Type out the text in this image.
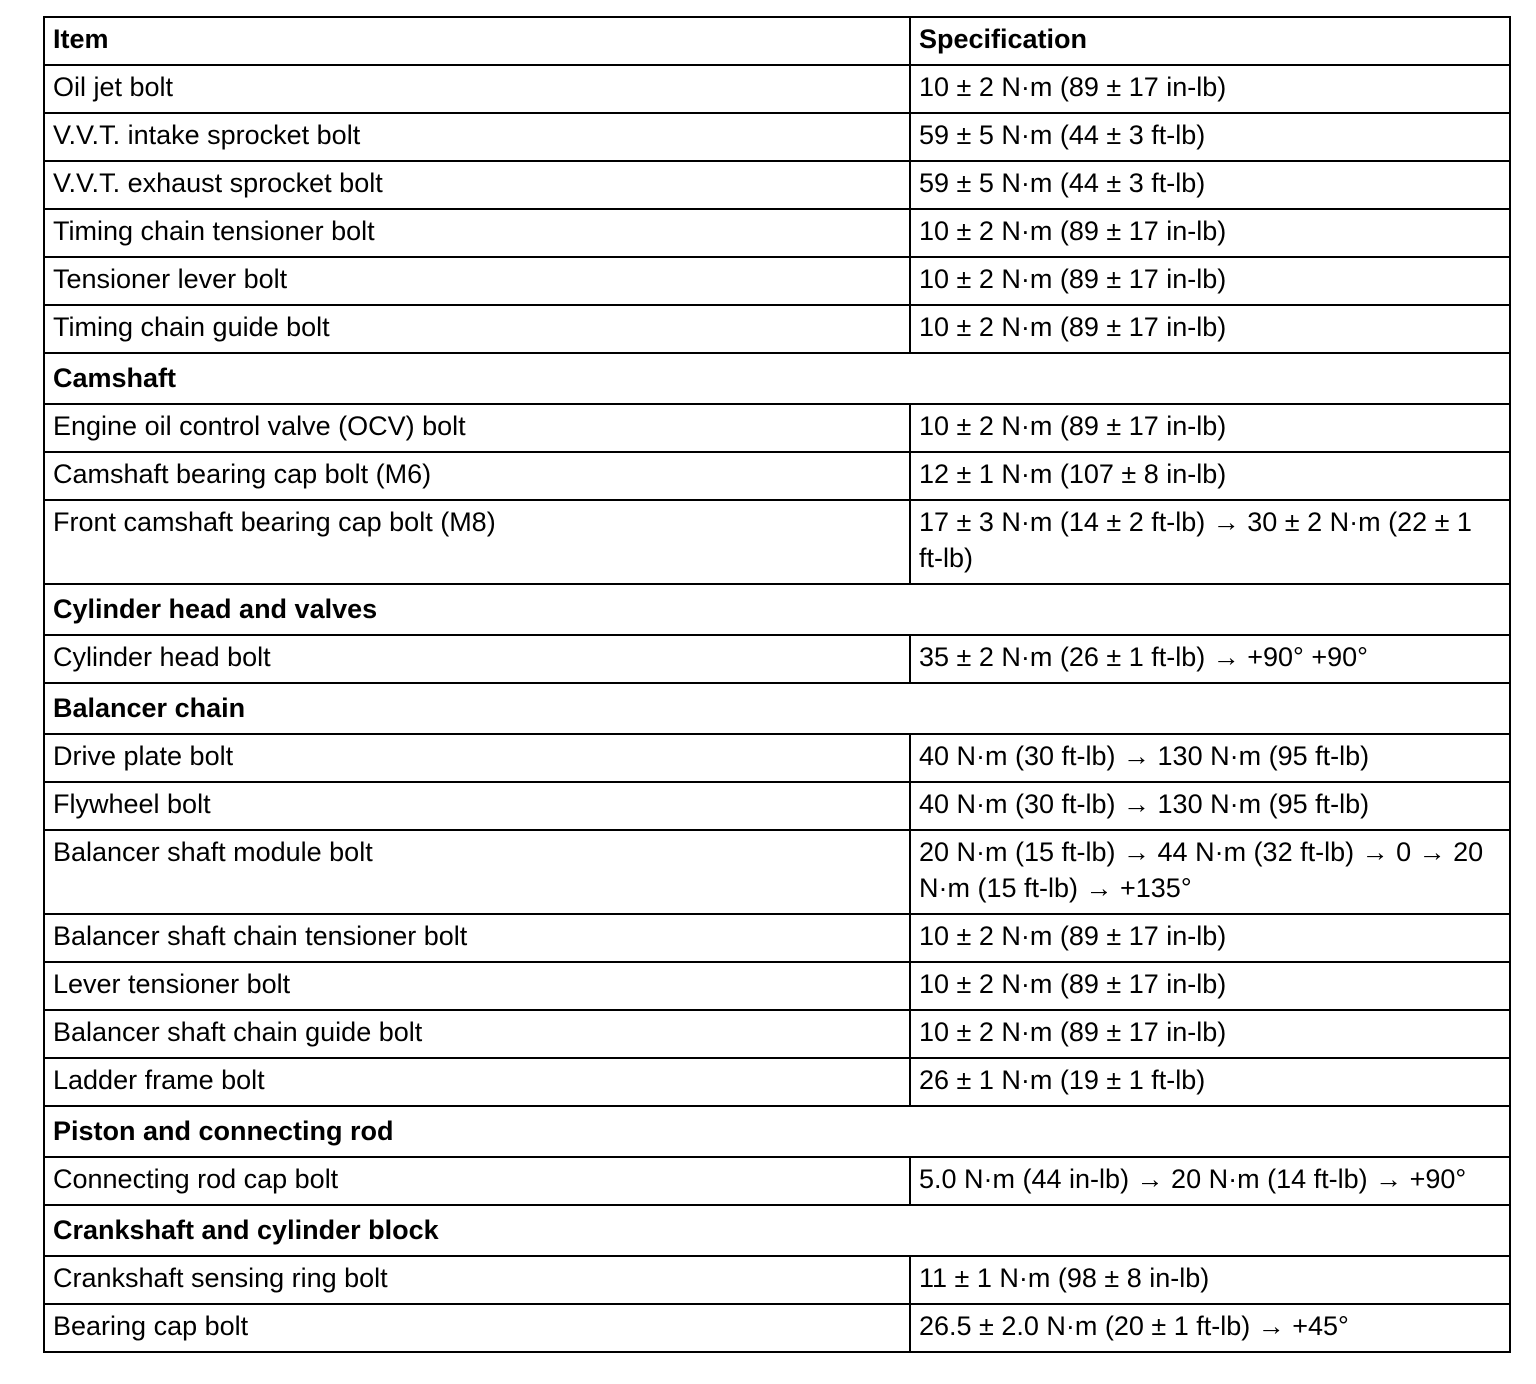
Item	Specification
Oil jet bolt	10 ± 2 N·m (89 ± 17 in-lb)
V.V.T. intake sprocket bolt	59 ± 5 N·m (44 ± 3 ft-lb)
V.V.T. exhaust sprocket bolt	59 ± 5 N·m (44 ± 3 ft-lb)
Timing chain tensioner bolt	10 ± 2 N·m (89 ± 17 in-lb)
Tensioner lever bolt	10 ± 2 N·m (89 ± 17 in-lb)
Timing chain guide bolt	10 ± 2 N·m (89 ± 17 in-lb)
Camshaft	
Engine oil control valve (OCV) bolt	10 ± 2 N·m (89 ± 17 in-lb)
Camshaft bearing cap bolt (M6)	12 ± 1 N·m (107 ± 8 in-lb)
Front camshaft bearing cap bolt (M8)	17 ± 3 N·m (14 ± 2 ft-lb) → 30 ± 2 N·m (22 ± 1 ft-lb)
Cylinder head and valves	
Cylinder head bolt	35 ± 2 N·m (26 ± 1 ft-lb) → +90° +90°
Balancer chain	
Drive plate bolt	40 N·m (30 ft-lb) → 130 N·m (95 ft-lb)
Flywheel bolt	40 N·m (30 ft-lb) → 130 N·m (95 ft-lb)
Balancer shaft module bolt	20 N·m (15 ft-lb) → 44 N·m (32 ft-lb) → 0 → 20 N·m (15 ft-lb) → +135°
Balancer shaft chain tensioner bolt	10 ± 2 N·m (89 ± 17 in-lb)
Lever tensioner bolt	10 ± 2 N·m (89 ± 17 in-lb)
Balancer shaft chain guide bolt	10 ± 2 N·m (89 ± 17 in-lb)
Ladder frame bolt	26 ± 1 N·m (19 ± 1 ft-lb)
Piston and connecting rod	
Connecting rod cap bolt	5.0 N·m (44 in-lb) → 20 N·m (14 ft-lb) → +90°
Crankshaft and cylinder block	
Crankshaft sensing ring bolt	11 ± 1 N·m (98 ± 8 in-lb)
Bearing cap bolt	26.5 ± 2.0 N·m (20 ± 1 ft-lb) → +45°
